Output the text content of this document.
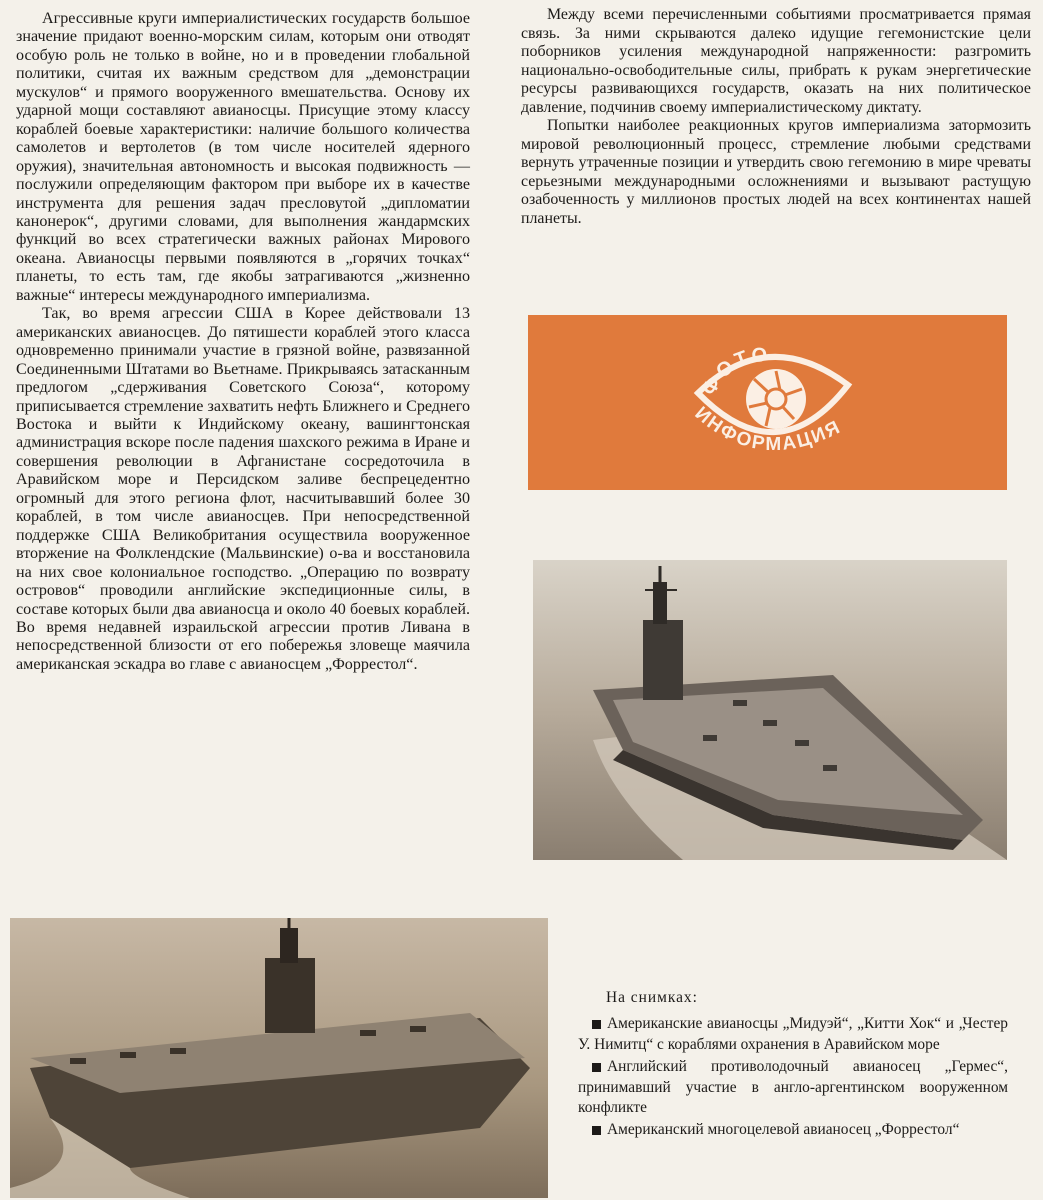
Агрессивные круги империалистических государств большое значение придают военно-морским силам, которым они отводят особую роль не только в войне, но и в проведении глобальной политики, считая их важным средством для „демонстрации мускулов“ и прямого вооруженного вмешательства. Основу их ударной мощи составляют авианосцы. Присущие этому классу кораблей боевые характеристики: наличие большого количества самолетов и вертолетов (в том числе носителей ядерного оружия), значительная автономность и высокая подвижность — послужили определяющим фактором при выборе их в качестве инструмента для решения задач пресловутой „дипломатии канонерок“, другими словами, для выполнения жандармских функций во всех стратегически важных районах Мирового океана. Авианосцы первыми появляются в „горячих точках“ планеты, то есть там, где якобы затрагиваются „жизненно важные“ интересы международного империализма.

Так, во время агрессии США в Корее действовали 13 американских авианосцев. До пятишести кораблей этого класса одновременно принимали участие в грязной войне, развязанной Соединенными Штатами во Вьетнаме. Прикрываясь затасканным предлогом „сдерживания Советского Союза“, которому приписывается стремление захватить нефть Ближнего и Среднего Востока и выйти к Индийскому океану, вашингтонская администрация вскоре после падения шахского режима в Иране и совершения революции в Афганистане сосредоточила в Аравийском море и Персидском заливе беспрецедентно огромный для этого региона флот, насчитывавший более 30 кораблей, в том числе авианосцев. При непосредственной поддержке США Великобритания осуществила вооруженное вторжение на Фолклендские (Мальвинские) о-ва и восстановила на них свое колониальное господство. „Операцию по возврату островов“ проводили английские экспедиционные силы, в составе которых были два авианосца и около 40 боевых кораблей. Во время недавней израильской агрессии против Ливана в непосредственной близости от его побережья зловеще маячила американская эскадра во главе с авианосцем „Форрестол“.

Между всеми перечисленными событиями просматривается прямая связь. За ними скрываются далеко идущие гегемонистские цели поборников усиления международной напряженности: разгромить национально-освободительные силы, прибрать к рукам энергетические ресурсы развивающихся государств, оказать на них политическое давление, подчинив своему империалистическому диктату.

Попытки наиболее реакционных кругов империализма затормозить мировой революционный процесс, стремление любыми средствами вернуть утраченные позиции и утвердить свою гегемонию в мире чреваты серьезными международными осложнениями и вызывают растущую озабоченность у миллионов простых людей на всех континентах нашей планеты.

ФОТО
ИНФОРМАЦИЯ

На снимках:

Американские авианосцы „Мидуэй“, „Китти Хок“ и „Честер У. Нимитц“ с кораблями охранения в Аравийском море

Английский противолодочный авианосец „Гермес“, принимавший участие в англо-аргентинском вооруженном конфликте

Американский многоцелевой авианосец „Форрестол“
